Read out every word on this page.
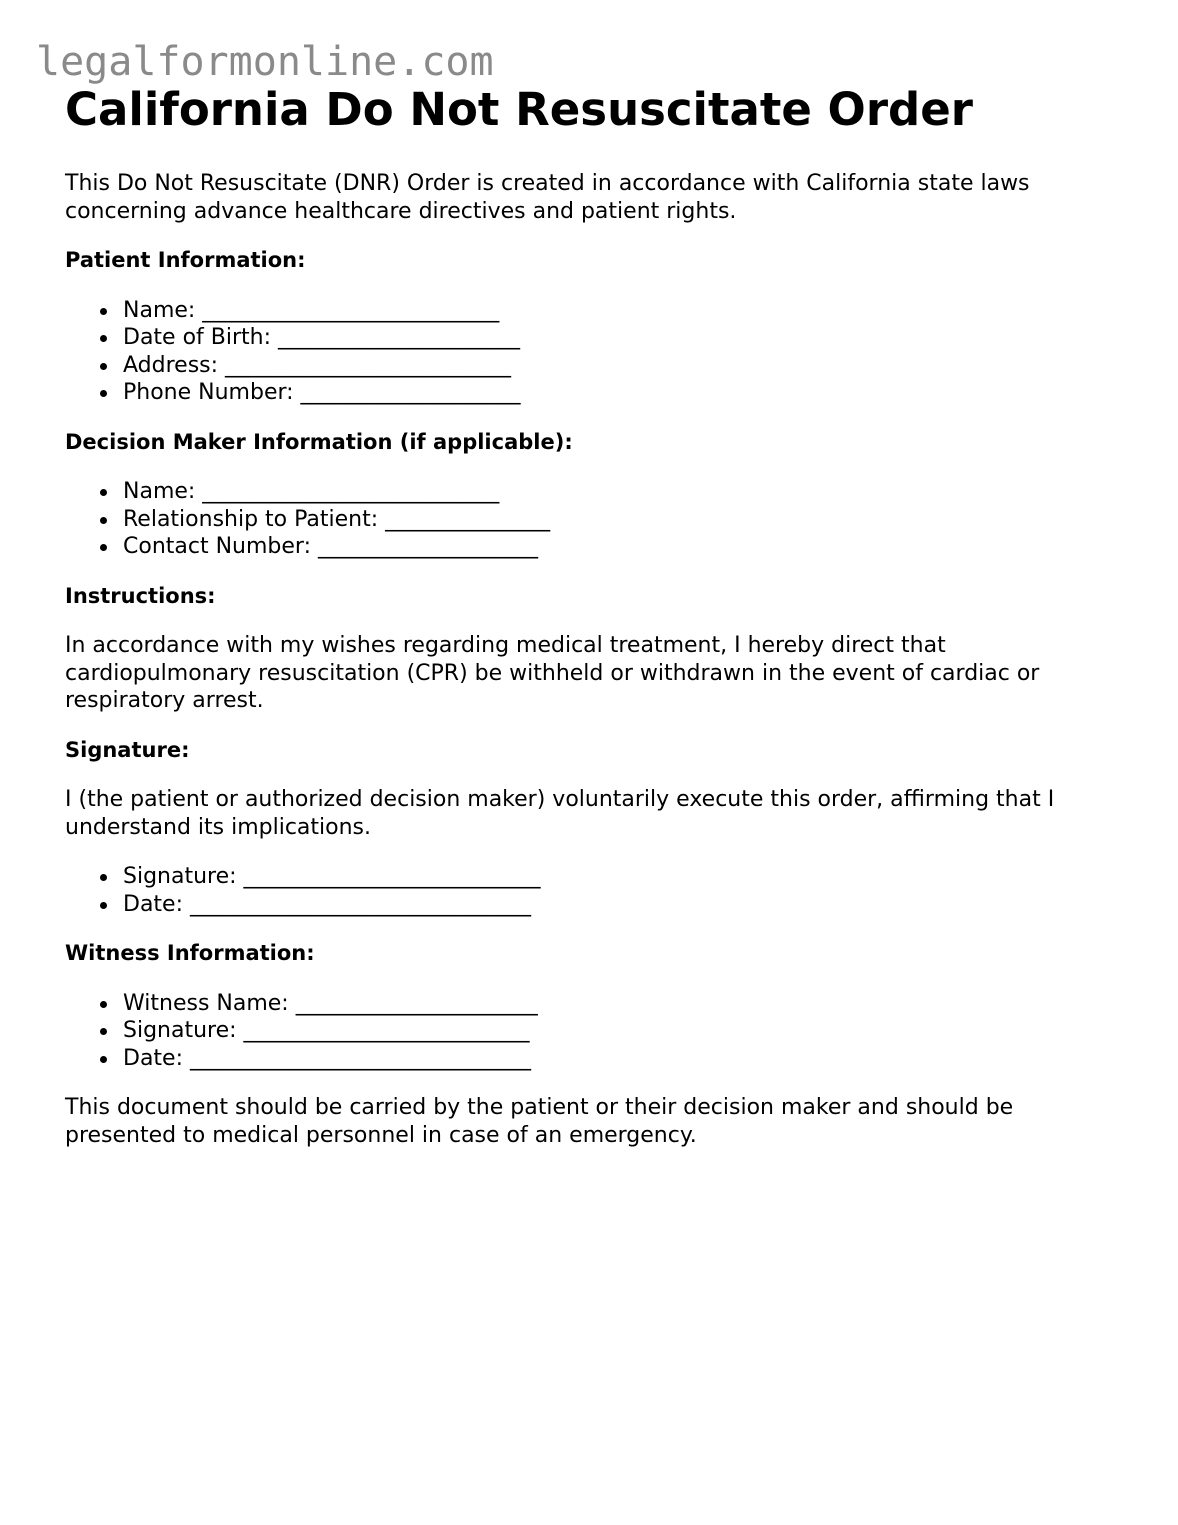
legalformonline.com
California Do Not Resuscitate Order

This Do Not Resuscitate (DNR) Order is created in accordance with California state laws concerning advance healthcare directives and patient rights.

Patient Information:
Name: ___________________________
Date of Birth: ______________________
Address: __________________________
Phone Number: ____________________
Decision Maker Information (if applicable):
Name: ___________________________
Relationship to Patient: _______________
Contact Number: ____________________
Instructions:

In accordance with my wishes regarding medical treatment, I hereby direct that cardiopulmonary resuscitation (CPR) be withheld or withdrawn in the event of cardiac or respiratory arrest.

Signature:

I (the patient or authorized decision maker) voluntarily execute this order, affirming that I understand its implications.

Signature: ___________________________
Date: _______________________________
Witness Information:
Witness Name: ______________________
Signature: __________________________
Date: _______________________________

This document should be carried by the patient or their decision maker and should be presented to medical personnel in case of an emergency.
